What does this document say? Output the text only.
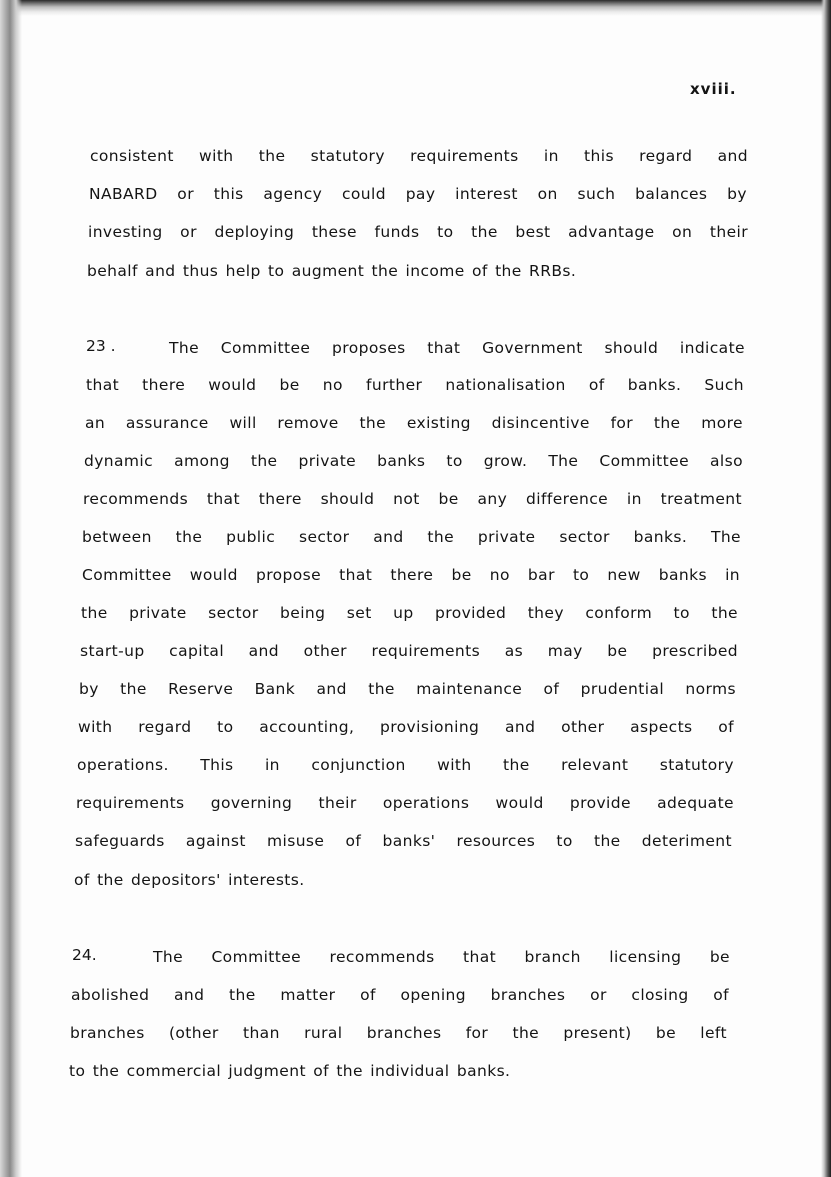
xviii.
consistent with the statutory requirements in this regard and
NABARD or this agency could pay interest on such balances by
investing or deploying these funds to the best advantage on their
behalf and thus help to augment the income of the RRBs.
23 .	The Committee proposes that Government should indicate
that there would be no further nationalisation of banks. Such
an assurance will remove the existing disincentive for the more
dynamic among the private banks to grow. The Committee also
recommends that there should not be any difference in treatment
between the public sector and the private sector banks. The
Committee would propose that there be no bar to new banks in
the private sector being set up provided they conform to the
start-up capital and other requirements as may be prescribed
by the Reserve Bank and the maintenance of prudential norms
with regard to accounting, provisioning and other aspects of
operations. This in conjunction with the relevant statutory
requirements governing their operations would provide adequate
safeguards against misuse of banks' resources to the deteriment
of the depositors' interests.
24.	The Committee recommends that branch licensing be
abolished and the matter of opening branches or closing of
branches (other than rural branches for the present) be left
to the commercial judgment of the individual banks.
